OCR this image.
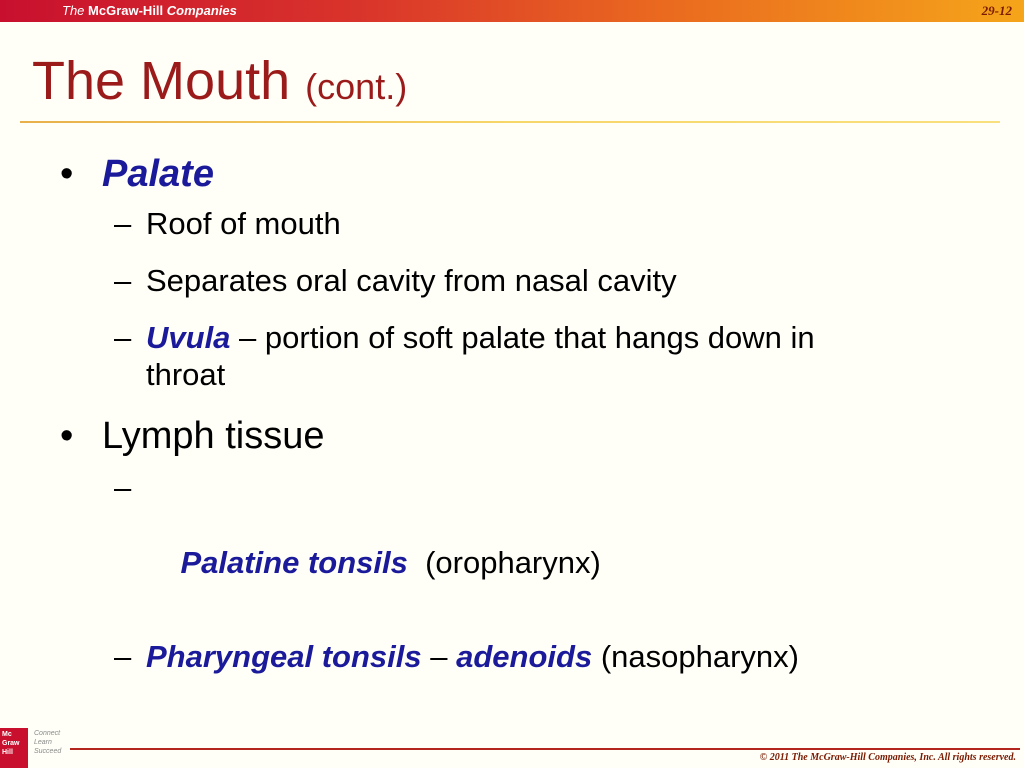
The McGraw-Hill Companies	29-12
The Mouth (cont.)
• Palate
– Roof of mouth
– Separates oral cavity from nasal cavity
– Uvula – portion of soft palate that hangs down in throat
• Lymph tissue

–

Palatine tonsils  (oropharynx)

– Pharyngeal tonsils – adenoids (nasopharynx)
Mc
Graw
Hill
Connect
Learn
Succeed
© 2011 The McGraw-Hill Companies, Inc. All rights reserved.
